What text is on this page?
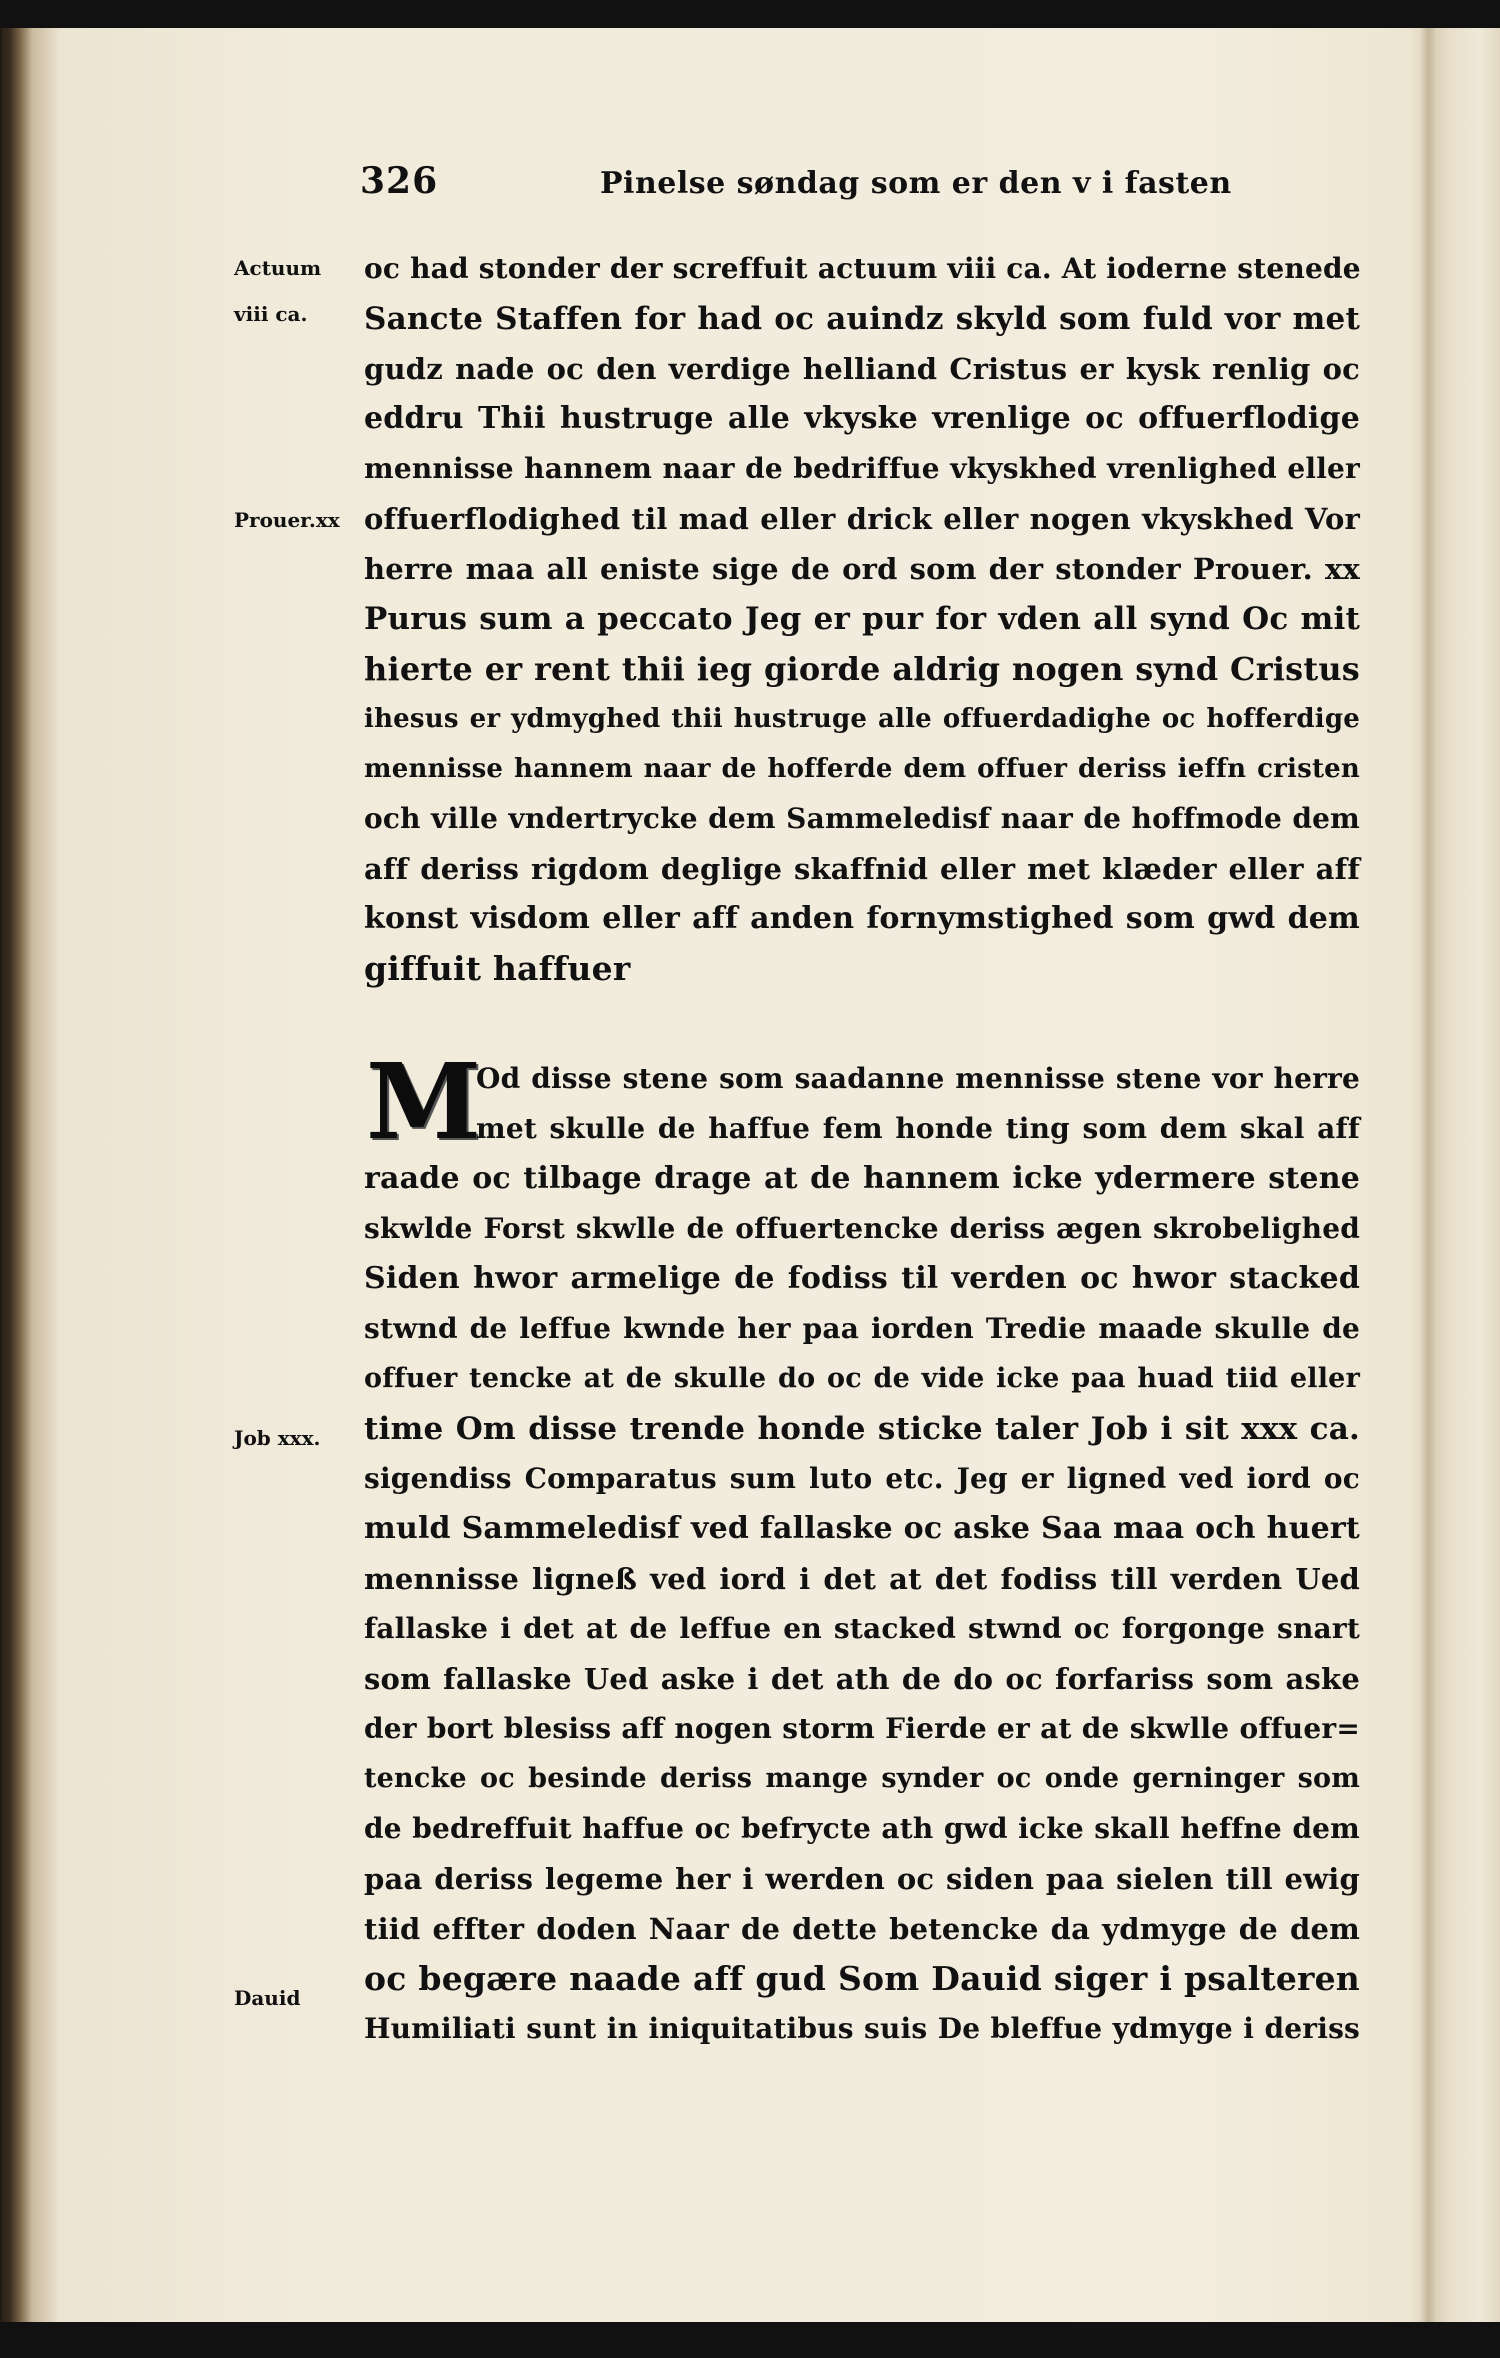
326	Pinelse søndag som er den v i fasten
Actuum
viii ca.
Prouer.xx
Job xxx.
Dauid
oc had stonder der screffuit actuum viii ca. At ioderne stenede
Sancte Staffen for had oc auindz skyld som fuld vor met
gudz nade oc den verdige helliand Cristus er kysk renlig oc
eddru Thii hustruge alle vkyske vrenlige oc offuerflodige
mennisse hannem naar de bedriffue vkyskhed vrenlighed eller
offuerflodighed til mad eller drick eller nogen vkyskhed Vor
herre maa all eniste sige de ord som der stonder Prouer. xx
Purus sum a peccato Jeg er pur for vden all synd Oc mit
hierte er rent thii ieg giorde aldrig nogen synd Cristus
ihesus er ydmyghed thii hustruge alle offuerdadighe oc hofferdige
mennisse hannem naar de hofferde dem offuer deriss ieffn cristen
och ville vndertrycke dem Sammeledisf naar de hoffmode dem
aff deriss rigdom deglige skaffnid eller met klæder eller aff
konst visdom eller aff anden fornymstighed som gwd dem
giffuit haffuer
M Od disse stene som saadanne mennisse stene vor herre
met skulle de haffue fem honde ting som dem skal aff
raade oc tilbage drage at de hannem icke ydermere stene
skwlde Forst skwlle de offuertencke deriss ægen skrobelighed
Siden hwor armelige de fodiss til verden oc hwor stacked
stwnd de leffue kwnde her paa iorden Tredie maade skulle de
offuer tencke at de skulle do oc de vide icke paa huad tiid eller
time Om disse trende honde sticke taler Job i sit xxx ca.
sigendiss Comparatus sum luto etc. Jeg er ligned ved iord oc
muld Sammeledisf ved fallaske oc aske Saa maa och huert
mennisse ligneß ved iord i det at det fodiss till verden Ued
fallaske i det at de leffue en stacked stwnd oc forgonge snart
som fallaske Ued aske i det ath de do oc forfariss som aske
der bort blesiss aff nogen storm Fierde er at de skwlle offuer=
tencke oc besinde deriss mange synder oc onde gerninger som
de bedreffuit haffue oc befrycte ath gwd icke skall heffne dem
paa deriss legeme her i werden oc siden paa sielen till ewig
tiid effter doden Naar de dette betencke da ydmyge de dem
oc begære naade aff gud Som Dauid siger i psalteren
Humiliati sunt in iniquitatibus suis De bleffue ydmyge i deriss
